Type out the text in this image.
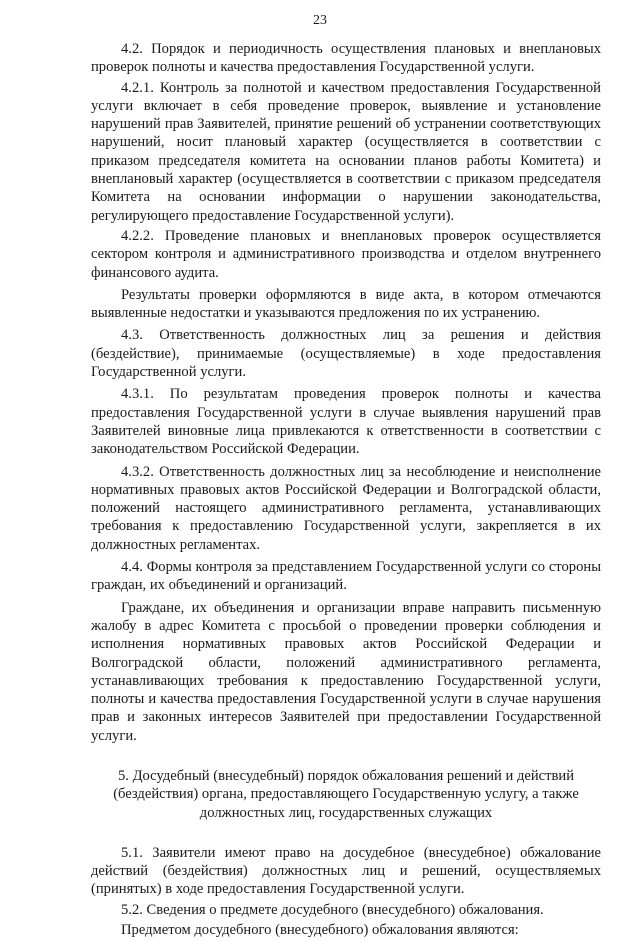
23

4.2. Порядок и периодичность осуществления плановых и внеплановых проверок полноты и качества предоставления Государственной услуги.

4.2.1. Контроль за полнотой и качеством предоставления Государственной услуги включает в себя проведение проверок, выявление и установление нарушений прав Заявителей, принятие решений об устранении соответствующих нарушений, носит плановый характер (осуществляется в соответствии с приказом председателя комитета на основании планов работы Комитета) и внеплановый характер (осуществляется в соответствии с приказом председателя Комитета на основании информации о нарушении законодательства, регулирующего предоставление Государственной услуги).

4.2.2. Проведение плановых и внеплановых проверок осуществляется сектором контроля и административного производства и отделом внутреннего финансового аудита.

Результаты проверки оформляются в виде акта, в котором отмечаются выявленные недостатки и указываются предложения по их устранению.

4.3. Ответственность должностных лиц за решения и действия (бездействие), принимаемые (осуществляемые) в ходе предоставления Государственной услуги.

4.3.1. По результатам проведения проверок полноты и качества предоставления Государственной услуги в случае выявления нарушений прав Заявителей виновные лица привлекаются к ответственности в соответствии с законодательством Российской Федерации.

4.3.2. Ответственность должностных лиц за несоблюдение и неисполнение нормативных правовых актов Российской Федерации и Волгоградской области, положений настоящего административного регламента, устанавливающих требования к предоставлению Государственной услуги, закрепляется в их должностных регламентах.

4.4. Формы контроля за представлением Государственной услуги со стороны граждан, их объединений и организаций.

Граждане, их объединения и организации вправе направить письменную жалобу в адрес Комитета с просьбой о проведении проверки соблюдения и исполнения нормативных правовых актов Российской Федерации и Волгоградской области, положений административного регламента, устанавливающих требования к предоставлению Государственной услуги, полноты и качества предоставления Государственной услуги в случае нарушения прав и законных интересов Заявителей при предоставлении Государственной услуги.

5. Досудебный (внесудебный) порядок обжалования решений и действий
(бездействия) органа, предоставляющего Государственную услугу, а также
должностных лиц, государственных служащих

5.1. Заявители имеют право на досудебное (внесудебное) обжалование действий (бездействия) должностных лиц и решений, осуществляемых (принятых) в ходе предоставления Государственной услуги.

5.2. Сведения о предмете досудебного (внесудебного) обжалования.

Предметом досудебного (внесудебного) обжалования являются:
